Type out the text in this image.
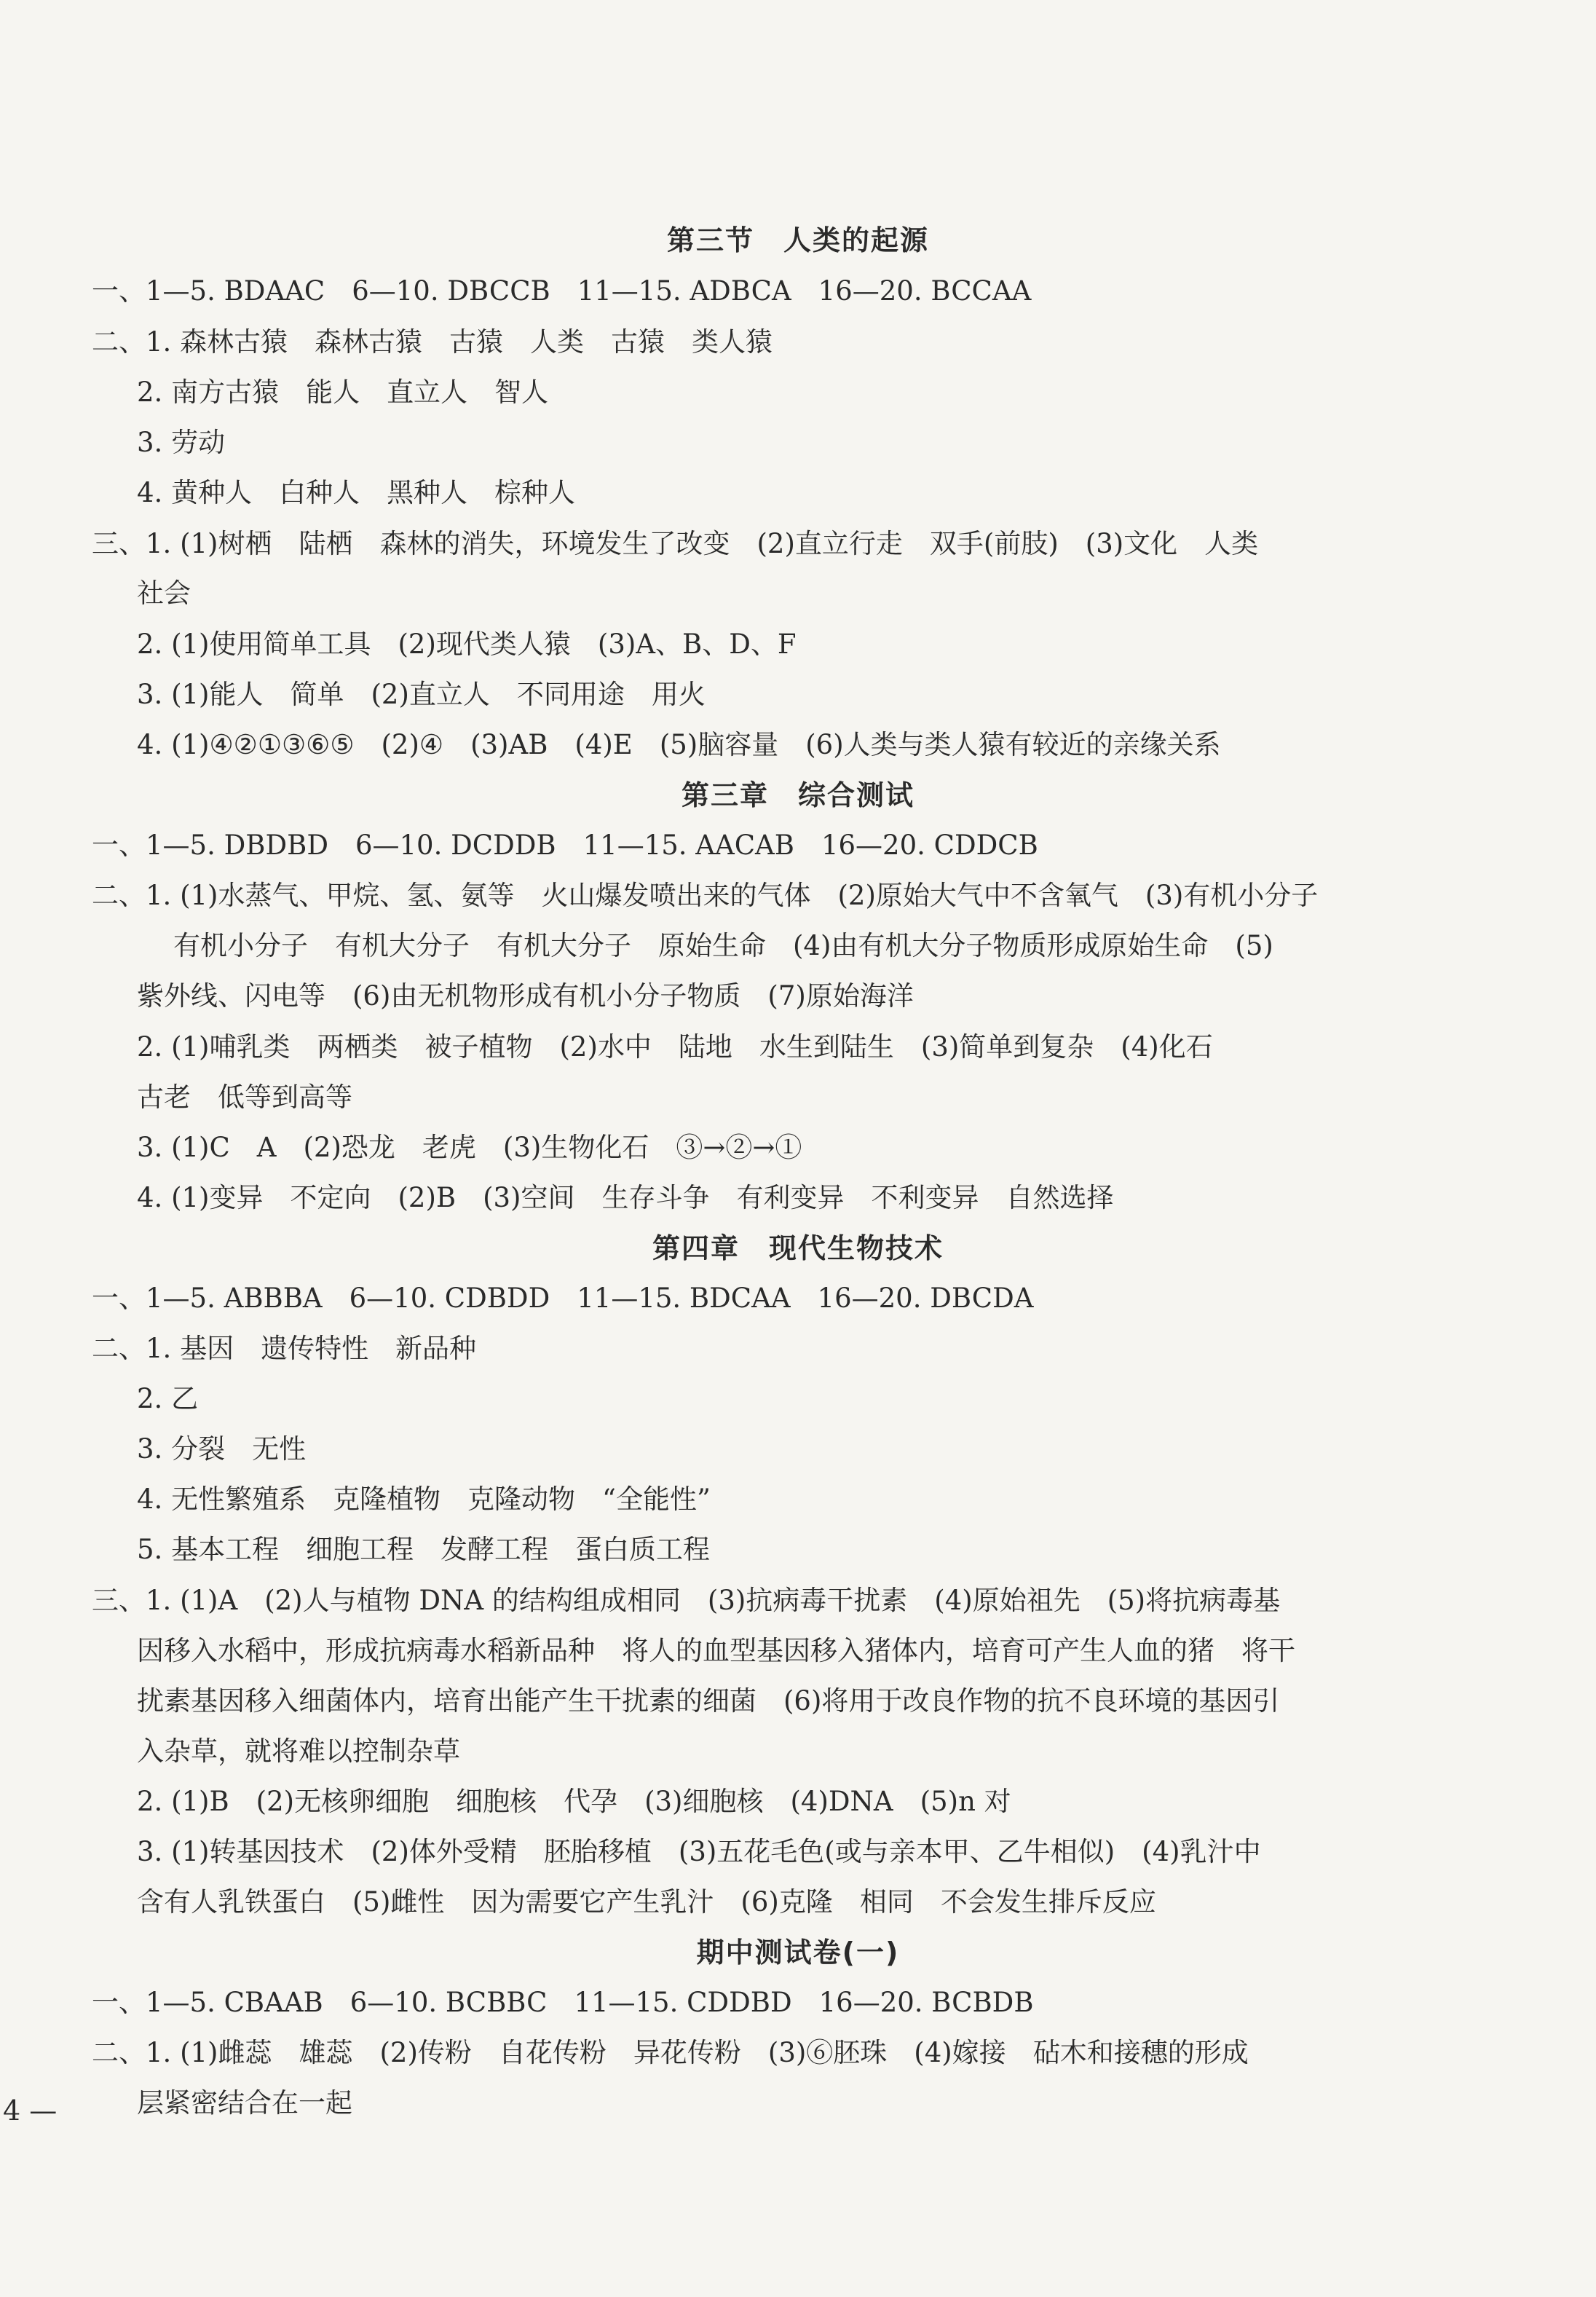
第三节　人类的起源
一、1—5. BDAAC　6—10. DBCCB　11—15. ADBCA　16—20. BCCAA
二、1. 森林古猿　森林古猿　古猿　人类　古猿　类人猿
2. 南方古猿　能人　直立人　智人
3. 劳动
4. 黄种人　白种人　黑种人　棕种人
三、1. (1)树栖　陆栖　森林的消失，环境发生了改变　(2)直立行走　双手(前肢)　(3)文化　人类
社会
2. (1)使用简单工具　(2)现代类人猿　(3)A、B、D、F
3. (1)能人　简单　(2)直立人　不同用途　用火
4. (1)④②①③⑥⑤　(2)④　(3)AB　(4)E　(5)脑容量　(6)人类与类人猿有较近的亲缘关系
第三章　综合测试
一、1—5. DBDBD　6—10. DCDDB　11—15. AACAB　16—20. CDDCB
二、1. (1)水蒸气、甲烷、氢、氨等　火山爆发喷出来的气体　(2)原始大气中不含氧气　(3)有机小分子
有机小分子　有机大分子　有机大分子　原始生命　(4)由有机大分子物质形成原始生命　(5)
紫外线、闪电等　(6)由无机物形成有机小分子物质　(7)原始海洋
2. (1)哺乳类　两栖类　被子植物　(2)水中　陆地　水生到陆生　(3)简单到复杂　(4)化石
古老　低等到高等
3. (1)C　A　(2)恐龙　老虎　(3)生物化石　③→②→①
4. (1)变异　不定向　(2)B　(3)空间　生存斗争　有利变异　不利变异　自然选择
第四章　现代生物技术
一、1—5. ABBBA　6—10. CDBDD　11—15. BDCAA　16—20. DBCDA
二、1. 基因　遗传特性　新品种
2. 乙
3. 分裂　无性
4. 无性繁殖系　克隆植物　克隆动物　“全能性”
5. 基本工程　细胞工程　发酵工程　蛋白质工程
三、1. (1)A　(2)人与植物 DNA 的结构组成相同　(3)抗病毒干扰素　(4)原始祖先　(5)将抗病毒基
因移入水稻中，形成抗病毒水稻新品种　将人的血型基因移入猪体内，培育可产生人血的猪　将干
扰素基因移入细菌体内，培育出能产生干扰素的细菌　(6)将用于改良作物的抗不良环境的基因引
入杂草，就将难以控制杂草
2. (1)B　(2)无核卵细胞　细胞核　代孕　(3)细胞核　(4)DNA　(5)n 对
3. (1)转基因技术　(2)体外受精　胚胎移植　(3)五花毛色(或与亲本甲、乙牛相似)　(4)乳汁中
含有人乳铁蛋白　(5)雌性　因为需要它产生乳汁　(6)克隆　相同　不会发生排斥反应
期中测试卷(一)
一、1—5. CBAAB　6—10. BCBBC　11—15. CDDBD　16—20. BCBDB
二、1. (1)雌蕊　雄蕊　(2)传粉　自花传粉　异花传粉　(3)⑥胚珠　(4)嫁接　砧木和接穗的形成
层紧密结合在一起
4 —
